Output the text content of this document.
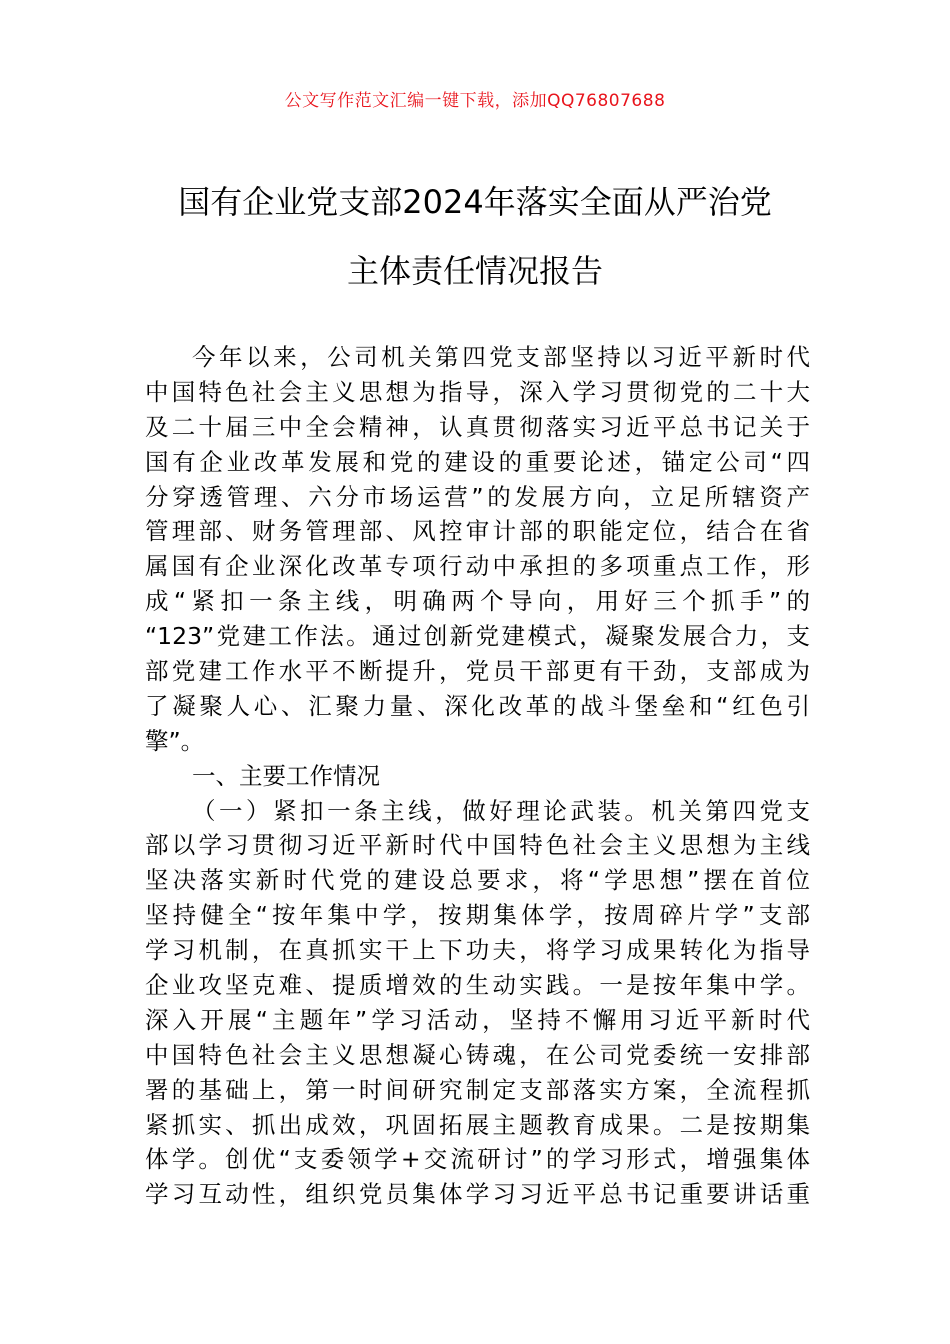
公文写作范文汇编一键下载，添加QQ76807688
国有企业党支部2024年落实全面从严治党
主体责任情况报告
今年以来，公司机关第四党支部坚持以习近平新时代
中国特色社会主义思想为指导，深入学习贯彻党的二十大
及二十届三中全会精神，认真贯彻落实习近平总书记关于
国有企业改革发展和党的建设的重要论述，锚定公司“四
分穿透管理、六分市场运营”的发展方向，立足所辖资产
管理部、财务管理部、风控审计部的职能定位，结合在省
属国有企业深化改革专项行动中承担的多项重点工作，形
成“紧扣一条主线，明确两个导向，用好三个抓手”的
“123”党建工作法。通过创新党建模式，凝聚发展合力，支
部党建工作水平不断提升，党员干部更有干劲，支部成为
了凝聚人心、汇聚力量、深化改革的战斗堡垒和“红色引
擎”。
一、主要工作情况
（一）紧扣一条主线，做好理论武装。机关第四党支
部以学习贯彻习近平新时代中国特色社会主义思想为主线
坚决落实新时代党的建设总要求，将“学思想”摆在首位
坚持健全“按年集中学，按期集体学，按周碎片学”支部
学习机制，在真抓实干上下功夫，将学习成果转化为指导
企业攻坚克难、提质增效的生动实践。一是按年集中学。
深入开展“主题年”学习活动，坚持不懈用习近平新时代
中国特色社会主义思想凝心铸魂，在公司党委统一安排部
署的基础上，第一时间研究制定支部落实方案，全流程抓
紧抓实、抓出成效，巩固拓展主题教育成果。二是按期集
体学。创优“支委领学+交流研讨”的学习形式，增强集体
学习互动性，组织党员集体学习习近平总书记重要讲话重
